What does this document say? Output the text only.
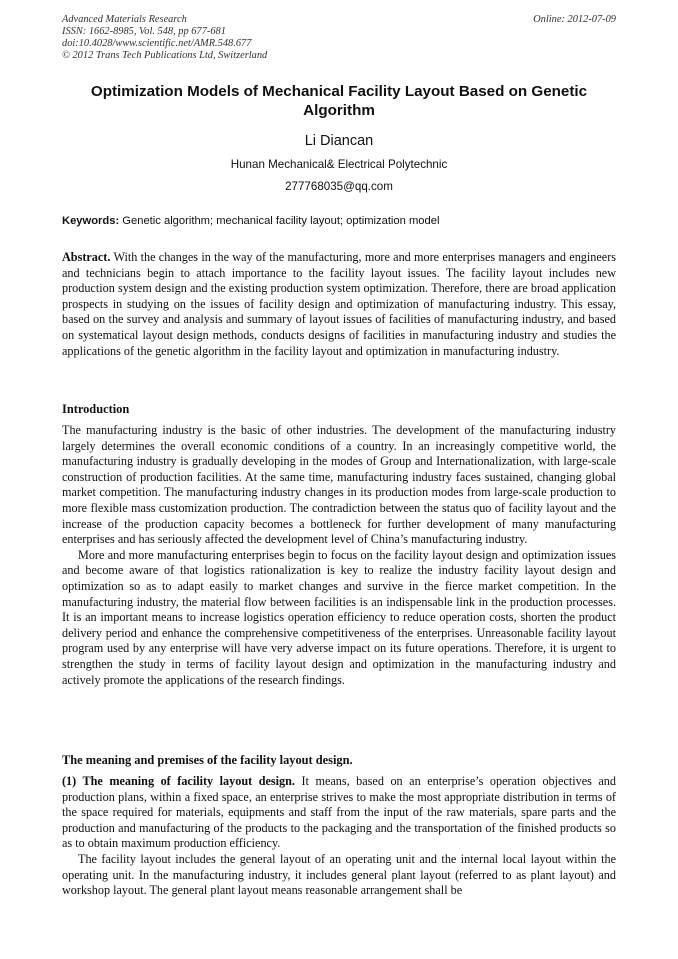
Advanced Materials Research
ISSN: 1662-8985, Vol. 548, pp 677-681
doi:10.4028/www.scientific.net/AMR.548.677
© 2012 Trans Tech Publications Ltd, Switzerland
Online: 2012-07-09
Optimization Models of Mechanical Facility Layout Based on Genetic Algorithm
Li Diancan
Hunan Mechanical& Electrical Polytechnic
277768035@qq.com
Keywords: Genetic algorithm; mechanical facility layout; optimization model
Abstract. With the changes in the way of the manufacturing, more and more enterprises managers and engineers and technicians begin to attach importance to the facility layout issues. The facility layout includes new production system design and the existing production system optimization. Therefore, there are broad application prospects in studying on the issues of facility design and optimization of manufacturing industry. This essay, based on the survey and analysis and summary of layout issues of facilities of manufacturing industry, and based on systematical layout design methods, conducts designs of facilities in manufacturing industry and studies the applications of the genetic algorithm in the facility layout and optimization in manufacturing industry.
Introduction

The manufacturing industry is the basic of other industries. The development of the manufacturing industry largely determines the overall economic conditions of a country. In an increasingly competitive world, the manufacturing industry is gradually developing in the modes of Group and Internationalization, with large-scale construction of production facilities. At the same time, manufacturing industry faces sustained, changing global market competition. The manufacturing industry changes in its production modes from large-scale production to more flexible mass customization production. The contradiction between the status quo of facility layout and the increase of the production capacity becomes a bottleneck for further development of many manufacturing enterprises and has seriously affected the development level of China’s manufacturing industry.

More and more manufacturing enterprises begin to focus on the facility layout design and optimization issues and become aware of that logistics rationalization is key to realize the industry facility layout design and optimization so as to adapt easily to market changes and survive in the fierce market competition. In the manufacturing industry, the material flow between facilities is an indispensable link in the production processes. It is an important means to increase logistics operation efficiency to reduce operation costs, shorten the product delivery period and enhance the comprehensive competitiveness of the enterprises. Unreasonable facility layout program used by any enterprise will have very adverse impact on its future operations. Therefore, it is urgent to strengthen the study in terms of facility layout design and optimization in the manufacturing industry and actively promote the applications of the research findings.

The meaning and premises of the facility layout design.

(1) The meaning of facility layout design. It means, based on an enterprise’s operation objectives and production plans, within a fixed space, an enterprise strives to make the most appropriate distribution in terms of the space required for materials, equipments and staff from the input of the raw materials, spare parts and the production and manufacturing of the products to the packaging and the transportation of the finished products so as to obtain maximum production efficiency.

The facility layout includes the general layout of an operating unit and the internal local layout within the operating unit. In the manufacturing industry, it includes general plant layout (referred to as plant layout) and workshop layout. The general plant layout means reasonable arrangement shall be
